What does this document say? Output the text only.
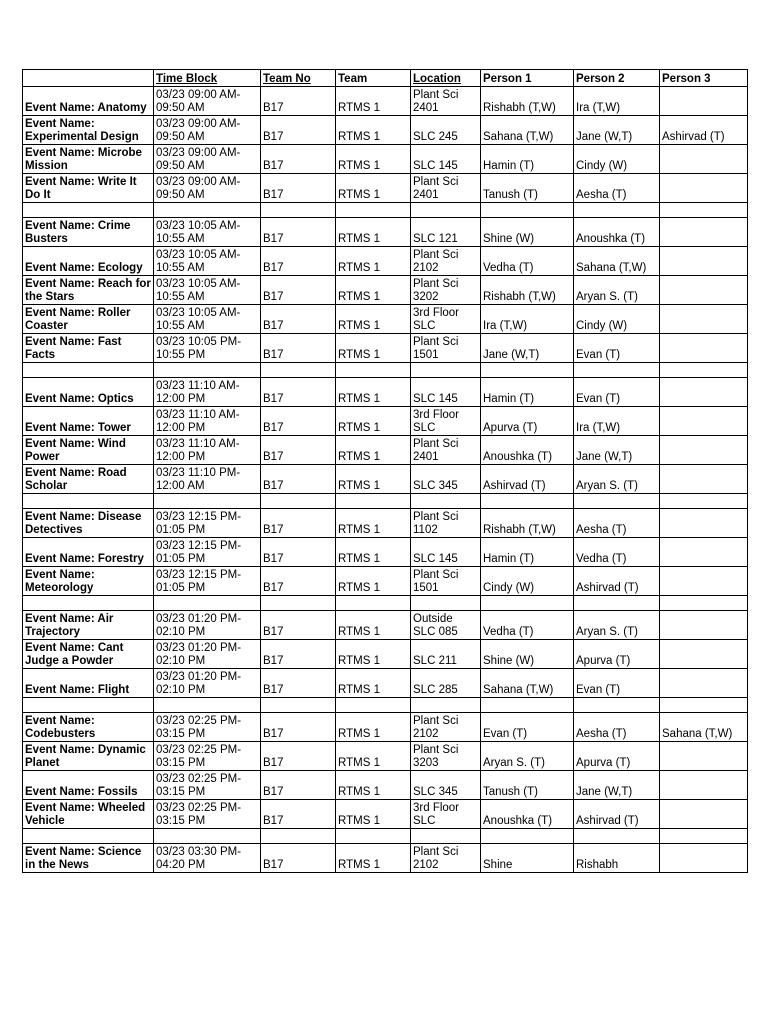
	Time Block	Team No	Team	Location	Person 1	Person 2	Person 3
Event Name: Anatomy	03/23 09:00 AM-09:50 AM	B17	RTMS 1	Plant Sci 2401	Rishabh (T,W)	Ira (T,W)	
Event Name: Experimental Design	03/23 09:00 AM-09:50 AM	B17	RTMS 1	SLC 245	Sahana (T,W)	Jane (W,T)	Ashirvad (T)
Event Name: Microbe Mission	03/23 09:00 AM-09:50 AM	B17	RTMS 1	SLC 145	Hamin (T)	Cindy (W)	
Event Name: Write It Do It	03/23 09:00 AM-09:50 AM	B17	RTMS 1	Plant Sci 2401	Tanush (T)	Aesha (T)	

Event Name: Crime Busters	03/23 10:05 AM-10:55 AM	B17	RTMS 1	SLC 121	Shine (W)	Anoushka (T)	
Event Name: Ecology	03/23 10:05 AM-10:55 AM	B17	RTMS 1	Plant Sci 2102	Vedha (T)	Sahana (T,W)	
Event Name: Reach for the Stars	03/23 10:05 AM-10:55 AM	B17	RTMS 1	Plant Sci 3202	Rishabh (T,W)	Aryan S. (T)	
Event Name: Roller Coaster	03/23 10:05 AM-10:55 AM	B17	RTMS 1	3rd Floor SLC	Ira (T,W)	Cindy (W)	
Event Name: Fast Facts	03/23 10:05 PM-10:55 PM	B17	RTMS 1	Plant Sci 1501	Jane (W,T)	Evan (T)	

Event Name: Optics	03/23 11:10 AM-12:00 PM	B17	RTMS 1	SLC 145	Hamin (T)	Evan (T)	
Event Name: Tower	03/23 11:10 AM-12:00 PM	B17	RTMS 1	3rd Floor SLC	Apurva (T)	Ira (T,W)	
Event Name: Wind Power	03/23 11:10 AM-12:00 PM	B17	RTMS 1	Plant Sci 2401	Anoushka (T)	Jane (W,T)	
Event Name: Road Scholar	03/23 11:10 PM-12:00 AM	B17	RTMS 1	SLC 345	Ashirvad (T)	Aryan S. (T)	

Event Name: Disease Detectives	03/23 12:15 PM-01:05 PM	B17	RTMS 1	Plant Sci 1102	Rishabh (T,W)	Aesha (T)	
Event Name: Forestry	03/23 12:15 PM-01:05 PM	B17	RTMS 1	SLC 145	Hamin (T)	Vedha (T)	
Event Name: Meteorology	03/23 12:15 PM-01:05 PM	B17	RTMS 1	Plant Sci 1501	Cindy (W)	Ashirvad (T)	

Event Name: Air Trajectory	03/23 01:20 PM-02:10 PM	B17	RTMS 1	Outside SLC 085	Vedha (T)	Aryan S. (T)	
Event Name: Cant Judge a Powder	03/23 01:20 PM-02:10 PM	B17	RTMS 1	SLC 211	Shine (W)	Apurva (T)	
Event Name: Flight	03/23 01:20 PM-02:10 PM	B17	RTMS 1	SLC 285	Sahana (T,W)	Evan (T)	

Event Name: Codebusters	03/23 02:25 PM-03:15 PM	B17	RTMS 1	Plant Sci 2102	Evan (T)	Aesha (T)	Sahana (T,W)
Event Name: Dynamic Planet	03/23 02:25 PM-03:15 PM	B17	RTMS 1	Plant Sci 3203	Aryan S. (T)	Apurva (T)	
Event Name: Fossils	03/23 02:25 PM-03:15 PM	B17	RTMS 1	SLC 345	Tanush (T)	Jane (W,T)	
Event Name: Wheeled Vehicle	03/23 02:25 PM-03:15 PM	B17	RTMS 1	3rd Floor SLC	Anoushka (T)	Ashirvad (T)	

Event Name: Science in the News	03/23 03:30 PM-04:20 PM	B17	RTMS 1	Plant Sci 2102	Shine	Rishabh	
